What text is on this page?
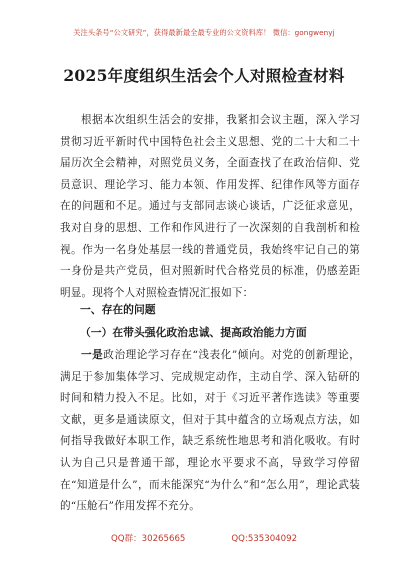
关注头条号“公文研究”，获得最新最全最专业的公文资料库！ 微信：gongwenyj
2025年度组织生活会个人对照检查材料
根据本次组织生活会的安排，我紧扣会议主题，深入学习贯彻习近平新时代中国特色社会主义思想、党的二十大和二十届历次全会精神，对照党员义务，全面查找了在政治信仰、党员意识、理论学习、能力本领、作用发挥、纪律作风等方面存在的问题和不足。通过与支部同志谈心谈话，广泛征求意见，我对自身的思想、工作和作风进行了一次深刻的自我剖析和检视。作为一名身处基层一线的普通党员，我始终牢记自己的第一身份是共产党员，但对照新时代合格党员的标准，仍感差距明显。现将个人对照检查情况汇报如下：
一、存在的问题
（一）在带头强化政治忠诚、提高政治能力方面
一是政治理论学习存在“浅表化”倾向。对党的创新理论，满足于参加集体学习、完成规定动作，主动自学、深入钻研的时间和精力投入不足。比如，对于《习近平著作选读》等重要文献，更多是通读原文，但对于其中蕴含的立场观点方法，如何指导我做好本职工作，缺乏系统性地思考和消化吸收。有时认为自己只是普通干部，理论水平要求不高，导致学习停留在“知道是什么”，而未能深究“为什么”和“怎么用”，理论武装的“压舱石”作用发挥不充分。
QQ群：30265665	QQ:535304092
